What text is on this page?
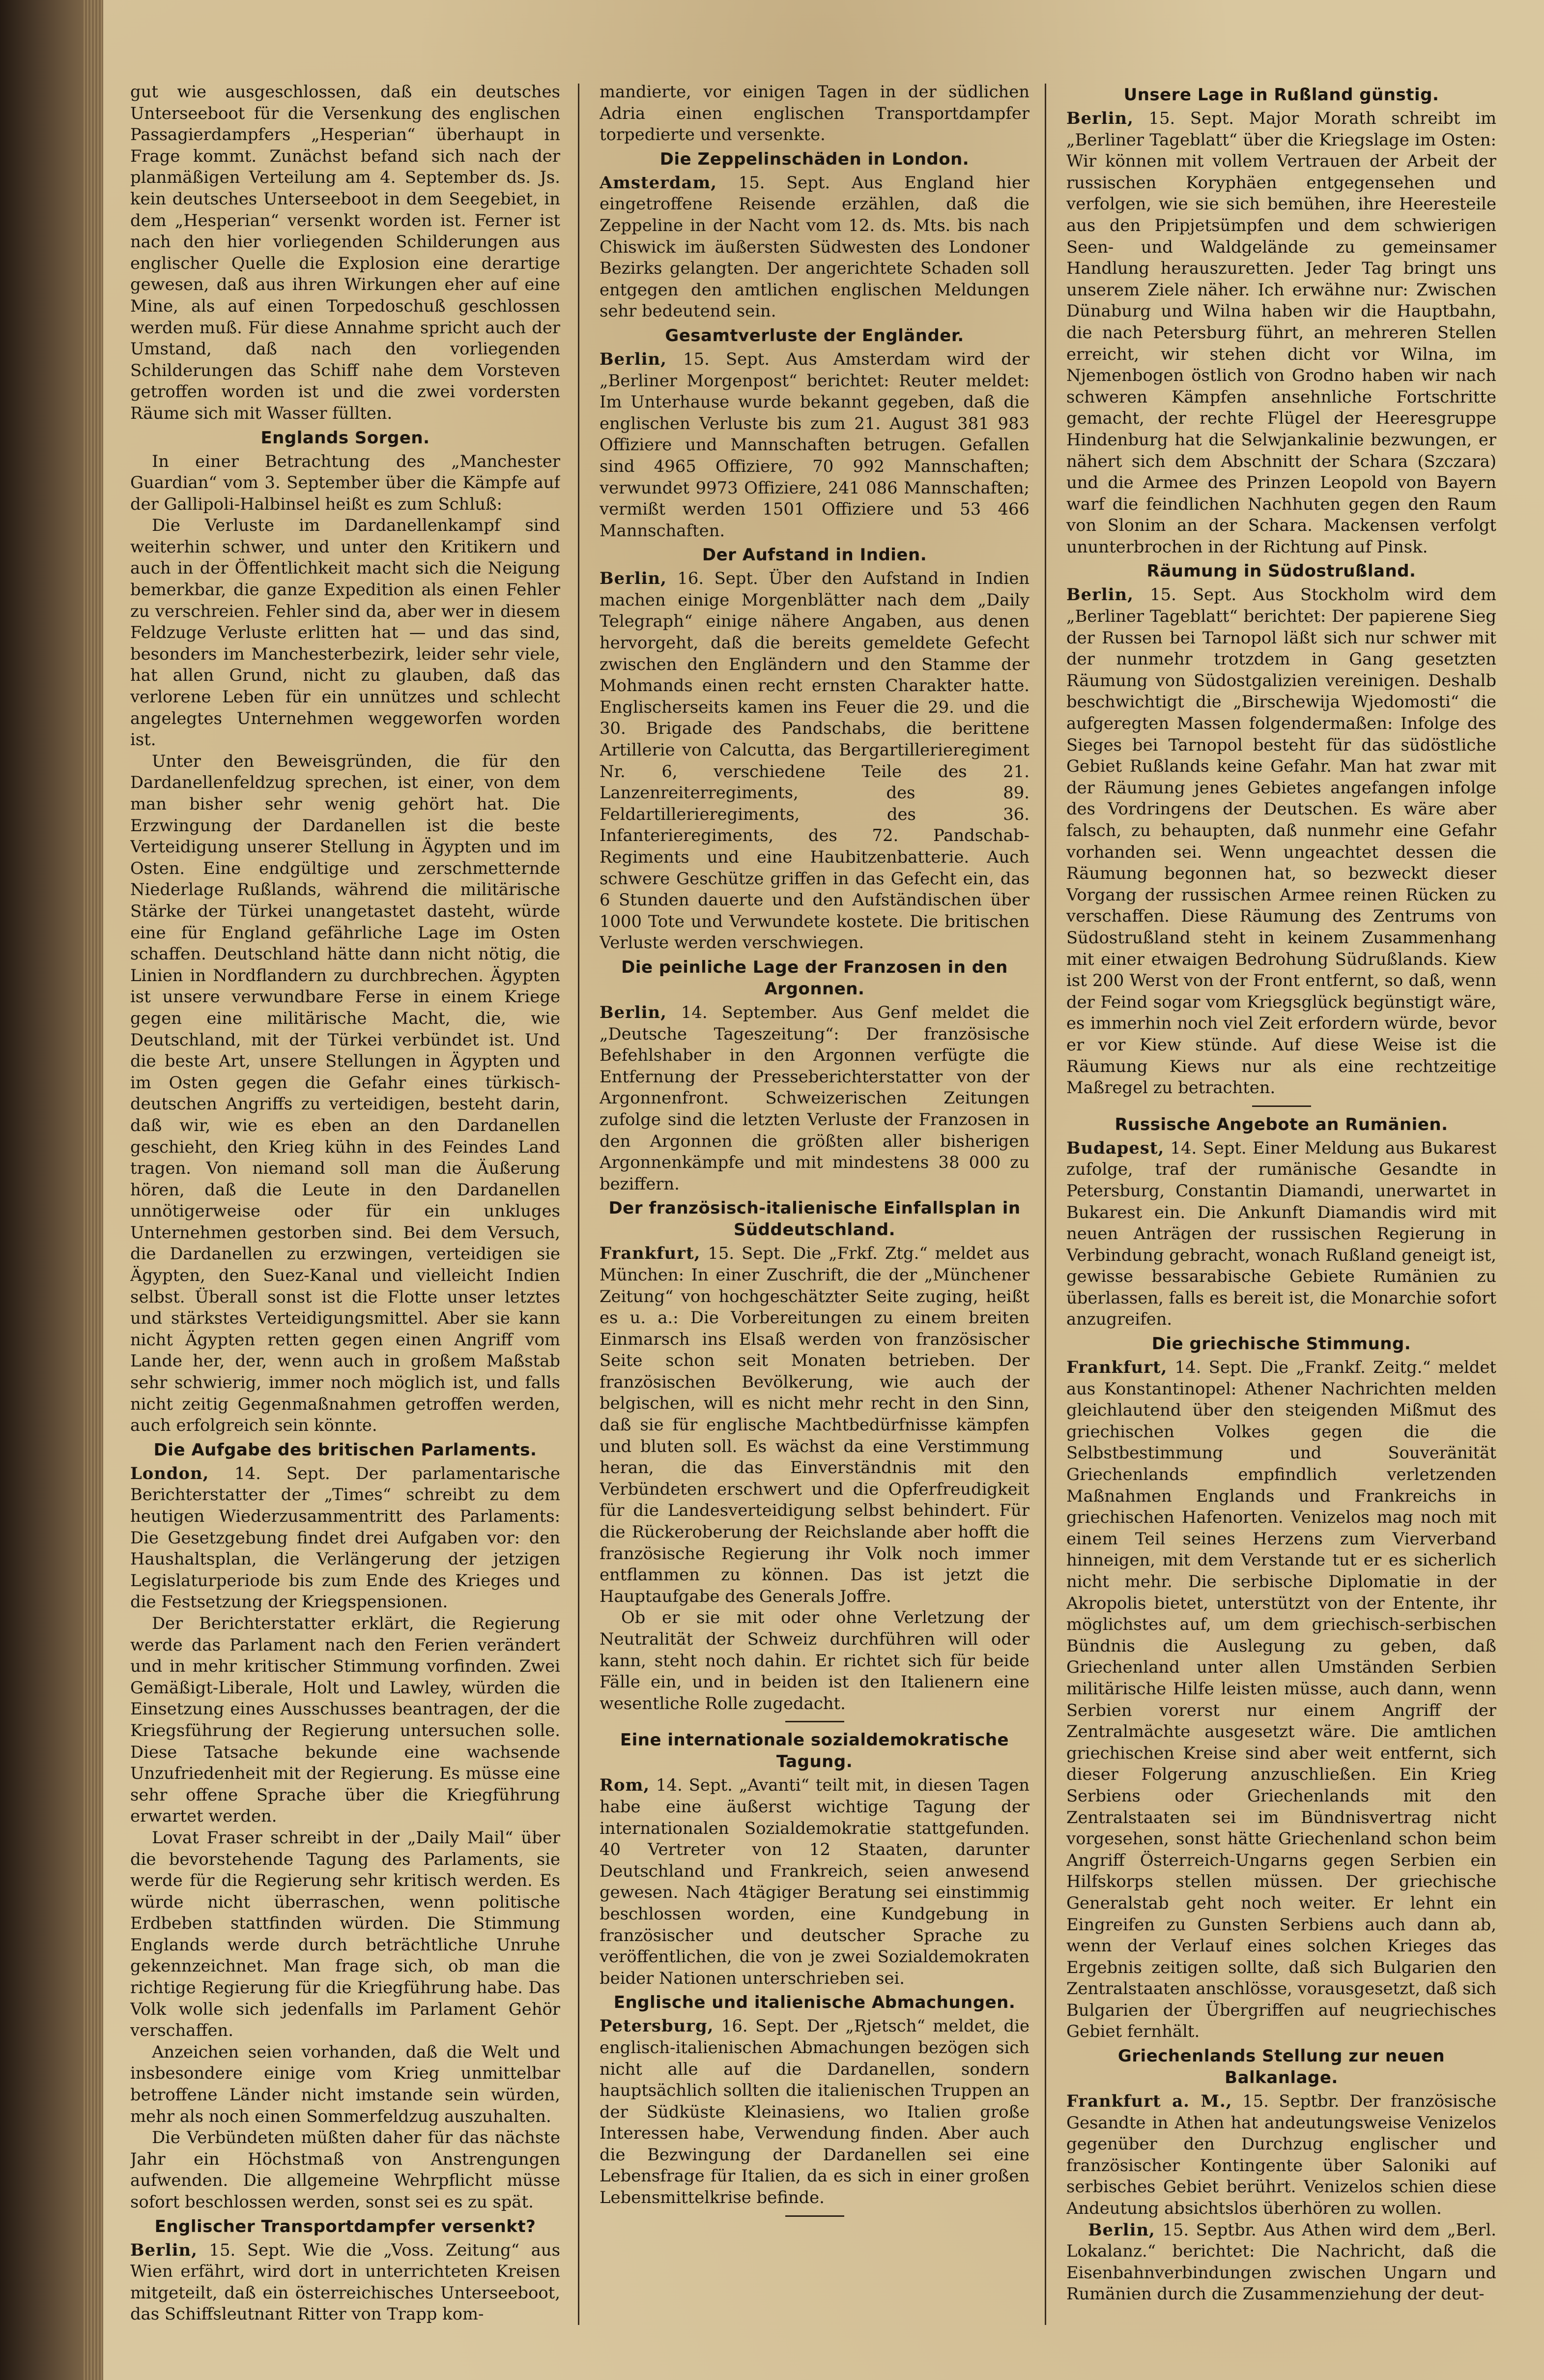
gut wie ausgeschlossen, daß ein deutsches Unterseeboot für die Versenkung des englischen Passagierdampfers „Hesperian“ überhaupt in Frage kommt. Zunächst befand sich nach der planmäßigen Verteilung am 4. September ds. Js. kein deutsches Unterseeboot in dem Seegebiet, in dem „Hesperian“ versenkt worden ist. Ferner ist nach den hier vorliegenden Schilderungen aus englischer Quelle die Explosion eine derartige gewesen, daß aus ihren Wirkungen eher auf eine Mine, als auf einen Torpedoschuß geschlossen werden muß. Für diese Annahme spricht auch der Umstand, daß nach den vorliegenden Schilderungen das Schiff nahe dem Vorsteven getroffen worden ist und die zwei vordersten Räume sich mit Wasser füllten.

Englands Sorgen.

In einer Betrachtung des „Manchester Guardian“ vom 3. September über die Kämpfe auf der Gallipoli-Halbinsel heißt es zum Schluß:

Die Verluste im Dardanellenkampf sind weiterhin schwer, und unter den Kritikern und auch in der Öffentlichkeit macht sich die Neigung bemerkbar, die ganze Expedition als einen Fehler zu verschreien. Fehler sind da, aber wer in diesem Feldzuge Verluste erlitten hat — und das sind, besonders im Manchesterbezirk, leider sehr viele, hat allen Grund, nicht zu glauben, daß das verlorene Leben für ein unnützes und schlecht angelegtes Unternehmen weggeworfen worden ist.

Unter den Beweisgründen, die für den Dardanellenfeldzug sprechen, ist einer, von dem man bisher sehr wenig gehört hat. Die Erzwingung der Dardanellen ist die beste Verteidigung unserer Stellung in Ägypten und im Osten. Eine endgültige und zerschmetternde Niederlage Rußlands, während die militärische Stärke der Türkei unangetastet dasteht, würde eine für England gefährliche Lage im Osten schaffen. Deutschland hätte dann nicht nötig, die Linien in Nordflandern zu durchbrechen. Ägypten ist unsere verwundbare Ferse in einem Kriege gegen eine militärische Macht, die, wie Deutschland, mit der Türkei verbündet ist. Und die beste Art, unsere Stellungen in Ägypten und im Osten gegen die Gefahr eines türkisch-deutschen Angriffs zu verteidigen, besteht darin, daß wir, wie es eben an den Dardanellen geschieht, den Krieg kühn in des Feindes Land tragen. Von niemand soll man die Äußerung hören, daß die Leute in den Dardanellen unnötigerweise oder für ein unkluges Unternehmen gestorben sind. Bei dem Versuch, die Dardanellen zu erzwingen, verteidigen sie Ägypten, den Suez-Kanal und vielleicht Indien selbst. Überall sonst ist die Flotte unser letztes und stärkstes Verteidigungsmittel. Aber sie kann nicht Ägypten retten gegen einen Angriff vom Lande her, der, wenn auch in großem Maßstab sehr schwierig, immer noch möglich ist, und falls nicht zeitig Gegenmaßnahmen getroffen werden, auch erfolgreich sein könnte.

Die Aufgabe des britischen Parlaments.

London, 14. Sept. Der parlamentarische Berichterstatter der „Times“ schreibt zu dem heutigen Wiederzusammentritt des Parlaments: Die Gesetzgebung findet drei Aufgaben vor: den Haushaltsplan, die Verlängerung der jetzigen Legislaturperiode bis zum Ende des Krieges und die Festsetzung der Kriegspensionen.

Der Berichterstatter erklärt, die Regierung werde das Parlament nach den Ferien verändert und in mehr kritischer Stimmung vorfinden. Zwei Gemäßigt-Liberale, Holt und Lawley, würden die Einsetzung eines Ausschusses beantragen, der die Kriegsführung der Regierung untersuchen solle. Diese Tatsache bekunde eine wachsende Unzufriedenheit mit der Regierung. Es müsse eine sehr offene Sprache über die Kriegführung erwartet werden.

Lovat Fraser schreibt in der „Daily Mail“ über die bevorstehende Tagung des Parlaments, sie werde für die Regierung sehr kritisch werden. Es würde nicht überraschen, wenn politische Erdbeben stattfinden würden. Die Stimmung Englands werde durch beträchtliche Unruhe gekennzeichnet. Man frage sich, ob man die richtige Regierung für die Kriegführung habe. Das Volk wolle sich jedenfalls im Parlament Gehör verschaffen.

Anzeichen seien vorhanden, daß die Welt und insbesondere einige vom Krieg unmittelbar betroffene Länder nicht imstande sein würden, mehr als noch einen Sommerfeldzug auszuhalten.

Die Verbündeten müßten daher für das nächste Jahr ein Höchstmaß von Anstrengungen aufwenden. Die allgemeine Wehrpflicht müsse sofort beschlossen werden, sonst sei es zu spät.

Englischer Transportdampfer versenkt?

Berlin, 15. Sept. Wie die „Voss. Zeitung“ aus Wien erfährt, wird dort in unterrichteten Kreisen mitgeteilt, daß ein österreichisches Unterseeboot, das Schiffsleutnant Ritter von Trapp kom-

mandierte, vor einigen Tagen in der südlichen Adria einen englischen Transportdampfer torpedierte und versenkte.

Die Zeppelinschäden in London.

Amsterdam, 15. Sept. Aus England hier eingetroffene Reisende erzählen, daß die Zeppeline in der Nacht vom 12. ds. Mts. bis nach Chiswick im äußersten Südwesten des Londoner Bezirks gelangten. Der angerichtete Schaden soll entgegen den amtlichen englischen Meldungen sehr bedeutend sein.

Gesamtverluste der Engländer.

Berlin, 15. Sept. Aus Amsterdam wird der „Berliner Morgenpost“ berichtet: Reuter meldet: Im Unterhause wurde bekannt gegeben, daß die englischen Verluste bis zum 21. August 381 983 Offiziere und Mannschaften betrugen. Gefallen sind 4965 Offiziere, 70 992 Mannschaften; verwundet 9973 Offiziere, 241 086 Mannschaften; vermißt werden 1501 Offiziere und 53 466 Mannschaften.

Der Aufstand in Indien.

Berlin, 16. Sept. Über den Aufstand in Indien machen einige Morgenblätter nach dem „Daily Telegraph“ einige nähere Angaben, aus denen hervorgeht, daß die bereits gemeldete Gefecht zwischen den Engländern und den Stamme der Mohmands einen recht ernsten Charakter hatte. Englischerseits kamen ins Feuer die 29. und die 30. Brigade des Pandschabs, die berittene Artillerie von Calcutta, das Bergartillerieregiment Nr. 6, verschiedene Teile des 21. Lanzenreiterregiments, des 89. Feldartillerieregiments, des 36. Infanterieregiments, des 72. Pandschab-Regiments und eine Haubitzenbatterie. Auch schwere Geschütze griffen in das Gefecht ein, das 6 Stunden dauerte und den Aufständischen über 1000 Tote und Verwundete kostete. Die britischen Verluste werden verschwiegen.

Die peinliche Lage der Franzosen in den Argonnen.

Berlin, 14. September. Aus Genf meldet die „Deutsche Tageszeitung“: Der französische Befehlshaber in den Argonnen verfügte die Entfernung der Presseberichterstatter von der Argonnenfront. Schweizerischen Zeitungen zufolge sind die letzten Verluste der Franzosen in den Argonnen die größten aller bisherigen Argonnenkämpfe und mit mindestens 38 000 zu beziffern.

Der französisch-italienische Einfallsplan in Süddeutschland.

Frankfurt, 15. Sept. Die „Frkf. Ztg.“ meldet aus München: In einer Zuschrift, die der „Münchener Zeitung“ von hochgeschätzter Seite zuging, heißt es u. a.: Die Vorbereitungen zu einem breiten Einmarsch ins Elsaß werden von französischer Seite schon seit Monaten betrieben. Der französischen Bevölkerung, wie auch der belgischen, will es nicht mehr recht in den Sinn, daß sie für englische Machtbedürfnisse kämpfen und bluten soll. Es wächst da eine Verstimmung heran, die das Einverständnis mit den Verbündeten erschwert und die Opferfreudigkeit für die Landesverteidigung selbst behindert. Für die Rückeroberung der Reichslande aber hofft die französische Regierung ihr Volk noch immer entflammen zu können. Das ist jetzt die Hauptaufgabe des Generals Joffre.

Ob er sie mit oder ohne Verletzung der Neutralität der Schweiz durchführen will oder kann, steht noch dahin. Er richtet sich für beide Fälle ein, und in beiden ist den Italienern eine wesentliche Rolle zugedacht.

Eine internationale sozialdemokratische Tagung.

Rom, 14. Sept. „Avanti“ teilt mit, in diesen Tagen habe eine äußerst wichtige Tagung der internationalen Sozialdemokratie stattgefunden. 40 Vertreter von 12 Staaten, darunter Deutschland und Frankreich, seien anwesend gewesen. Nach 4tägiger Beratung sei einstimmig beschlossen worden, eine Kundgebung in französischer und deutscher Sprache zu veröffentlichen, die von je zwei Sozialdemokraten beider Nationen unterschrieben sei.

Englische und italienische Abmachungen.

Petersburg, 16. Sept. Der „Rjetsch“ meldet, die englisch-italienischen Abmachungen bezögen sich nicht alle auf die Dardanellen, sondern hauptsächlich sollten die italienischen Truppen an der Südküste Kleinasiens, wo Italien große Interessen habe, Verwendung finden. Aber auch die Bezwingung der Dardanellen sei eine Lebensfrage für Italien, da es sich in einer großen Lebensmittelkrise befinde.

Unsere Lage in Rußland günstig.

Berlin, 15. Sept. Major Morath schreibt im „Berliner Tageblatt“ über die Kriegslage im Osten: Wir können mit vollem Vertrauen der Arbeit der russischen Koryphäen entgegensehen und verfolgen, wie sie sich bemühen, ihre Heeresteile aus den Pripjetsümpfen und dem schwierigen Seen- und Waldgelände zu gemeinsamer Handlung herauszuretten. Jeder Tag bringt uns unserem Ziele näher. Ich erwähne nur: Zwischen Dünaburg und Wilna haben wir die Hauptbahn, die nach Petersburg führt, an mehreren Stellen erreicht, wir stehen dicht vor Wilna, im Njemenbogen östlich von Grodno haben wir nach schweren Kämpfen ansehnliche Fortschritte gemacht, der rechte Flügel der Heeresgruppe Hindenburg hat die Selwjankalinie bezwungen, er nähert sich dem Abschnitt der Schara (Szczara) und die Armee des Prinzen Leopold von Bayern warf die feindlichen Nachhuten gegen den Raum von Slonim an der Schara. Mackensen verfolgt ununterbrochen in der Richtung auf Pinsk.

Räumung in Südostrußland.

Berlin, 15. Sept. Aus Stockholm wird dem „Berliner Tageblatt“ berichtet: Der papierene Sieg der Russen bei Tarnopol läßt sich nur schwer mit der nunmehr trotzdem in Gang gesetzten Räumung von Südostgalizien vereinigen. Deshalb beschwichtigt die „Birschewija Wjedomosti“ die aufgeregten Massen folgendermaßen: Infolge des Sieges bei Tarnopol besteht für das südöstliche Gebiet Rußlands keine Gefahr. Man hat zwar mit der Räumung jenes Gebietes angefangen infolge des Vordringens der Deutschen. Es wäre aber falsch, zu behaupten, daß nunmehr eine Gefahr vorhanden sei. Wenn ungeachtet dessen die Räumung begonnen hat, so bezweckt dieser Vorgang der russischen Armee reinen Rücken zu verschaffen. Diese Räumung des Zentrums von Südostrußland steht in keinem Zusammenhang mit einer etwaigen Bedrohung Südrußlands. Kiew ist 200 Werst von der Front entfernt, so daß, wenn der Feind sogar vom Kriegsglück begünstigt wäre, es immerhin noch viel Zeit erfordern würde, bevor er vor Kiew stünde. Auf diese Weise ist die Räumung Kiews nur als eine rechtzeitige Maßregel zu betrachten.

Russische Angebote an Rumänien.

Budapest, 14. Sept. Einer Meldung aus Bukarest zufolge, traf der rumänische Gesandte in Petersburg, Constantin Diamandi, unerwartet in Bukarest ein. Die Ankunft Diamandis wird mit neuen Anträgen der russischen Regierung in Verbindung gebracht, wonach Rußland geneigt ist, gewisse bessarabische Gebiete Rumänien zu überlassen, falls es bereit ist, die Monarchie sofort anzugreifen.

Die griechische Stimmung.

Frankfurt, 14. Sept. Die „Frankf. Zeitg.“ meldet aus Konstantinopel: Athener Nachrichten melden gleichlautend über den steigenden Mißmut des griechischen Volkes gegen die die Selbstbestimmung und Souveränität Griechenlands empfindlich verletzenden Maßnahmen Englands und Frankreichs in griechischen Hafenorten. Venizelos mag noch mit einem Teil seines Herzens zum Vierverband hinneigen, mit dem Verstande tut er es sicherlich nicht mehr. Die serbische Diplomatie in der Akropolis bietet, unterstützt von der Entente, ihr möglichstes auf, um dem griechisch-serbischen Bündnis die Auslegung zu geben, daß Griechenland unter allen Umständen Serbien militärische Hilfe leisten müsse, auch dann, wenn Serbien vorerst nur einem Angriff der Zentralmächte ausgesetzt wäre. Die amtlichen griechischen Kreise sind aber weit entfernt, sich dieser Folgerung anzuschließen. Ein Krieg Serbiens oder Griechenlands mit den Zentralstaaten sei im Bündnisvertrag nicht vorgesehen, sonst hätte Griechenland schon beim Angriff Österreich-Ungarns gegen Serbien ein Hilfskorps stellen müssen. Der griechische Generalstab geht noch weiter. Er lehnt ein Eingreifen zu Gunsten Serbiens auch dann ab, wenn der Verlauf eines solchen Krieges das Ergebnis zeitigen sollte, daß sich Bulgarien den Zentralstaaten anschlösse, vorausgesetzt, daß sich Bulgarien der Übergriffen auf neugriechisches Gebiet fernhält.

Griechenlands Stellung zur neuen Balkanlage.

Frankfurt a. M., 15. Septbr. Der französische Gesandte in Athen hat andeutungsweise Venizelos gegenüber den Durchzug englischer und französischer Kontingente über Saloniki auf serbisches Gebiet berührt. Venizelos schien diese Andeutung absichtslos überhören zu wollen.

Berlin, 15. Septbr. Aus Athen wird dem „Berl. Lokalanz.“ berichtet: Die Nachricht, daß die Eisenbahnverbindungen zwischen Ungarn und Rumänien durch die Zusammenziehung der deut-
